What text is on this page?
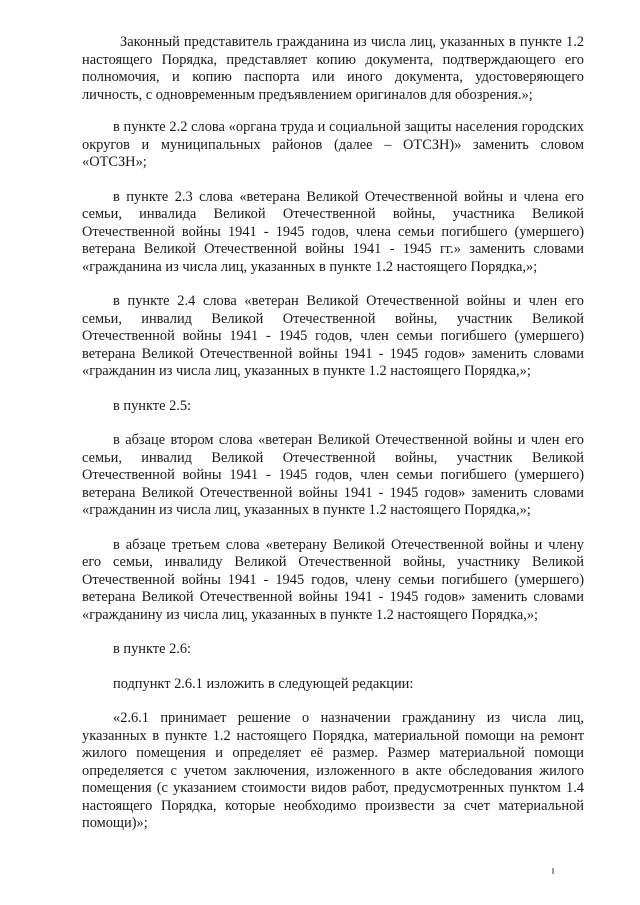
Законный представитель гражданина из числа лиц, указанных в пункте 1.2 настоящего Порядка, представляет копию документа, подтверждающего его полномочия, и копию паспорта или иного документа, удостоверяющего личность, с одновременным предъявлением оригиналов для обозрения.»;

в пункте 2.2 слова «органа труда и социальной защиты населения городских округов и муниципальных районов (далее – ОТСЗН)» заменить словом «ОТСЗН»;

в пункте 2.3 слова «ветерана Великой Отечественной войны и члена его семьи, инвалида Великой Отечественной войны, участника Великой Отечественной войны 1941 - 1945 годов, члена семьи погибшего (умершего) ветерана Великой Отечественной войны 1941 - 1945 гг.» заменить словами «гражданина из числа лиц, указанных в пункте 1.2 настоящего Порядка,»;

в пункте 2.4 слова «ветеран Великой Отечественной войны и член его семьи, инвалид Великой Отечественной войны, участник Великой Отечественной войны 1941 - 1945 годов, член семьи погибшего (умершего) ветерана Великой Отечественной войны 1941 - 1945 годов» заменить словами «гражданин из числа лиц, указанных в пункте 1.2 настоящего Порядка,»;

в пункте 2.5:

в абзаце втором слова «ветеран Великой Отечественной войны и член его семьи, инвалид Великой Отечественной войны, участник Великой Отечественной войны 1941 - 1945 годов, член семьи погибшего (умершего) ветерана Великой Отечественной войны 1941 - 1945 годов» заменить словами «гражданин из числа лиц, указанных в пункте 1.2 настоящего Порядка,»;

в абзаце третьем слова «ветерану Великой Отечественной войны и члену его семьи, инвалиду Великой Отечественной войны, участнику Великой Отечественной войны 1941 - 1945 годов, члену семьи погибшего (умершего) ветерана Великой Отечественной войны 1941 - 1945 годов» заменить словами «гражданину из числа лиц, указанных в пункте 1.2 настоящего Порядка,»;

в пункте 2.6:

подпункт 2.6.1 изложить в следующей редакции:

«2.6.1 принимает решение о назначении гражданину из числа лиц, указанных в пункте 1.2 настоящего Порядка, материальной помощи на ремонт жилого помещения и определяет её размер. Размер материальной помощи определяется с учетом заключения, изложенного в акте обследования жилого помещения (с указанием стоимости видов работ, предусмотренных пунктом 1.4 настоящего Порядка, которые необходимо произвести за счет материальной помощи)»;
